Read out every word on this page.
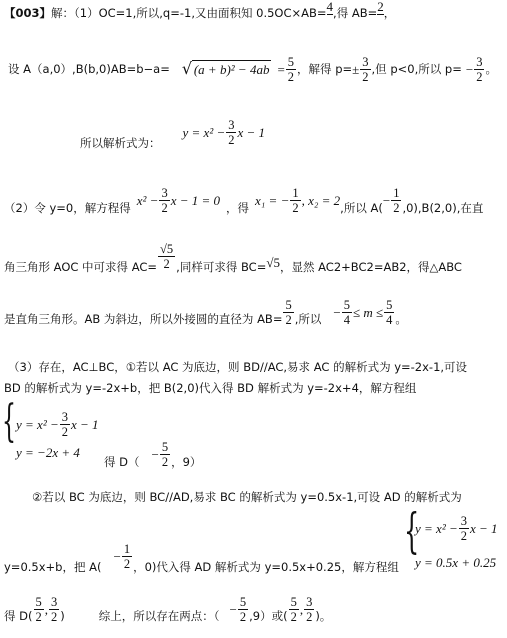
【003】解：（1）OC=1,所以,q=-1,又由面积知 0.5OC×AB=4,得 AB=2，
设 A（a,0）,B(b,0)AB=b−a= √ $(a + b)^2 - 4ab = \frac{5}{2}$ ，解得 $p= \pm \frac{3}{2}$ ,但 p<0,所以 $p= - \frac{3}{2}$ 。
所以解析式为：
$y = x^2 - \frac{3}{2}$ x − 1
（2）令 y=0，解方程得 $x^2 - \frac{3}{2}$ x − 1 = 0 ，得 x₁ = − $\frac{1}{2}$ , x₂ = 2 ,所以 $A( - \frac{1}{2} ,0),B(2,0)$,在直
角三角形 AOC 中可求得 $AC= \frac{√5}{2}$ ,同样可求得 BC= √5 ，显然 AC2+BC2=AB2，得△ABC
是直角三角形。AB 为斜边，所以外接圆的直径为 $AB= \frac{5}{2}$ ,所以 − $\frac{5}{4} \le m \le \frac{5}{4}$ 。
（3）存在，AC⊥BC，①若以 AC 为底边，则 BD//AC,易求 AC 的解析式为 y=-2x-1,可设
BD 的解析式为 y=-2x+b，把 B(2,0)代入得 BD 解析式为 y=-2x+4，解方程组
{ $y = x^2 - \frac{3}{2}$ x − 1
y = −2x + 4
得 $D( - \frac{5}{2}$ ，9）
②若以 BC 为底边，则 BC//AD,易求 BC 的解析式为 y=0.5x-1,可设 AD 的解析式为
{
$y = x^2 - \frac{3}{2}$ x − 1
y = 0.5x + 0.25
y=0.5x+b，把 A(
− $\frac{1}{2}$ ，0)代入得 AD 解析式为 y=0.5x+0.25，解方程组
得 $D( \frac{5}{2}$ , $\frac{3}{2}$ )	综上，所以存在两点：（ − $\frac{5}{2} ,9$）或( $\frac{5}{2}$ , $\frac{3}{2}$ )。
